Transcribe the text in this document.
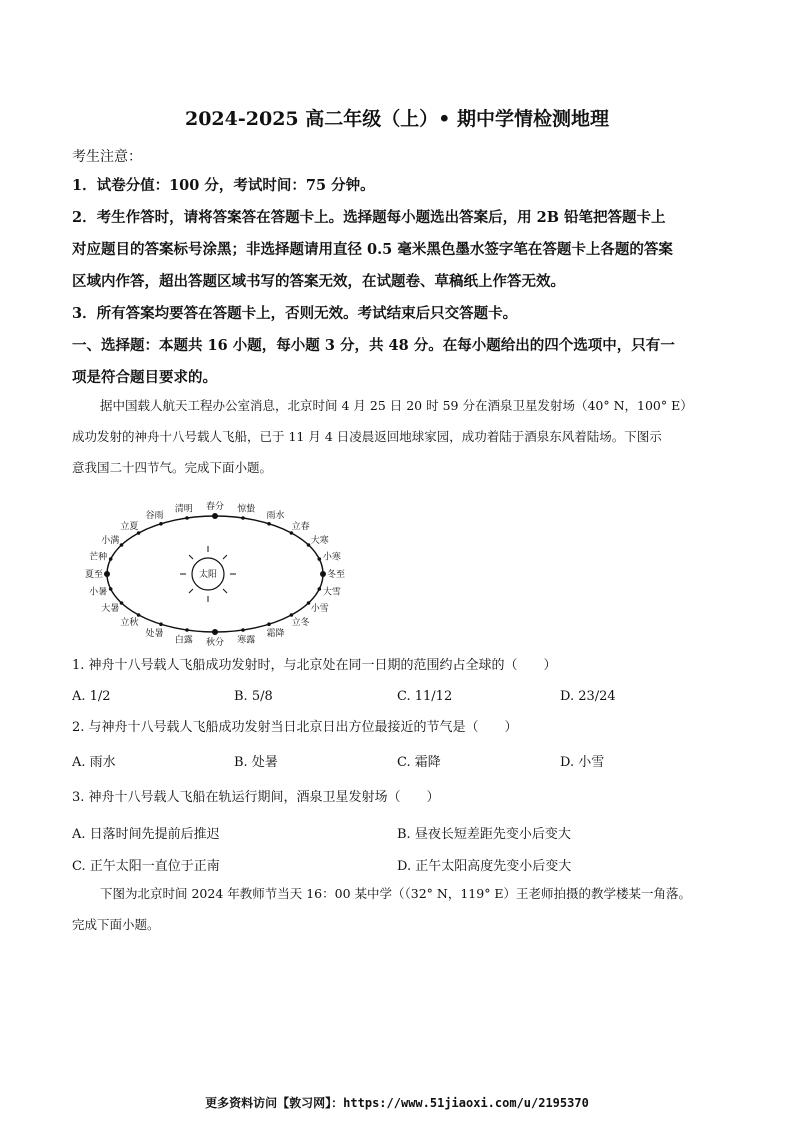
2024-2025 高二年级（上）• 期中学情检测地理
考生注意：
1．试卷分值：100 分，考试时间：75 分钟。
2．考生作答时，请将答案答在答题卡上。选择题每小题选出答案后，用 2B 铅笔把答题卡上
对应题目的答案标号涂黑；非选择题请用直径 0.5 毫米黑色墨水签字笔在答题卡上各题的答案
区域内作答，超出答题区域书写的答案无效，在试题卷、草稿纸上作答无效。
3．所有答案均要答在答题卡上，否则无效。考试结束后只交答题卡。
一、选择题：本题共 16 小题，每小题 3 分，共 48 分。在每小题给出的四个选项中，只有一
项是符合题目要求的。
据中国载人航天工程办公室消息，北京时间 4 月 25 日 20 时 59 分在酒泉卫星发射场（40° N，100° E）
成功发射的神舟十八号载人飞船，已于 11 月 4 日凌晨返回地球家园，成功着陆于酒泉东风着陆场。下图示
意我国二十四节气。完成下面小题。
太阳
春分 惊蛰
雨水
立春
大寒
小寒
冬至
大雪
小雪
立冬
霜降
寒露
秋分
白露
处暑
立秋
大暑
小暑
夏至
芒种
小满
立夏
谷雨
清明
1. 神舟十八号载人飞船成功发射时，与北京处在同一日期的范围约占全球的（　　）
A. 1/2	B. 5/8	C. 11/12	D. 23/24
2. 与神舟十八号载人飞船成功发射当日北京日出方位最接近的节气是（　　）
A. 雨水	B. 处暑	C. 霜降	D. 小雪
3. 神舟十八号载人飞船在轨运行期间，酒泉卫星发射场（　　）
A. 日落时间先提前后推迟	B. 昼夜长短差距先变小后变大
C. 正午太阳一直位于正南	D. 正午太阳高度先变小后变大
下图为北京时间 2024 年教师节当天 16：00 某中学（（32° N，119° E）王老师拍摄的教学楼某一角落。
完成下面小题。
更多资料访问【敦习网】：https://www.51jiaoxi.com/u/2195370
